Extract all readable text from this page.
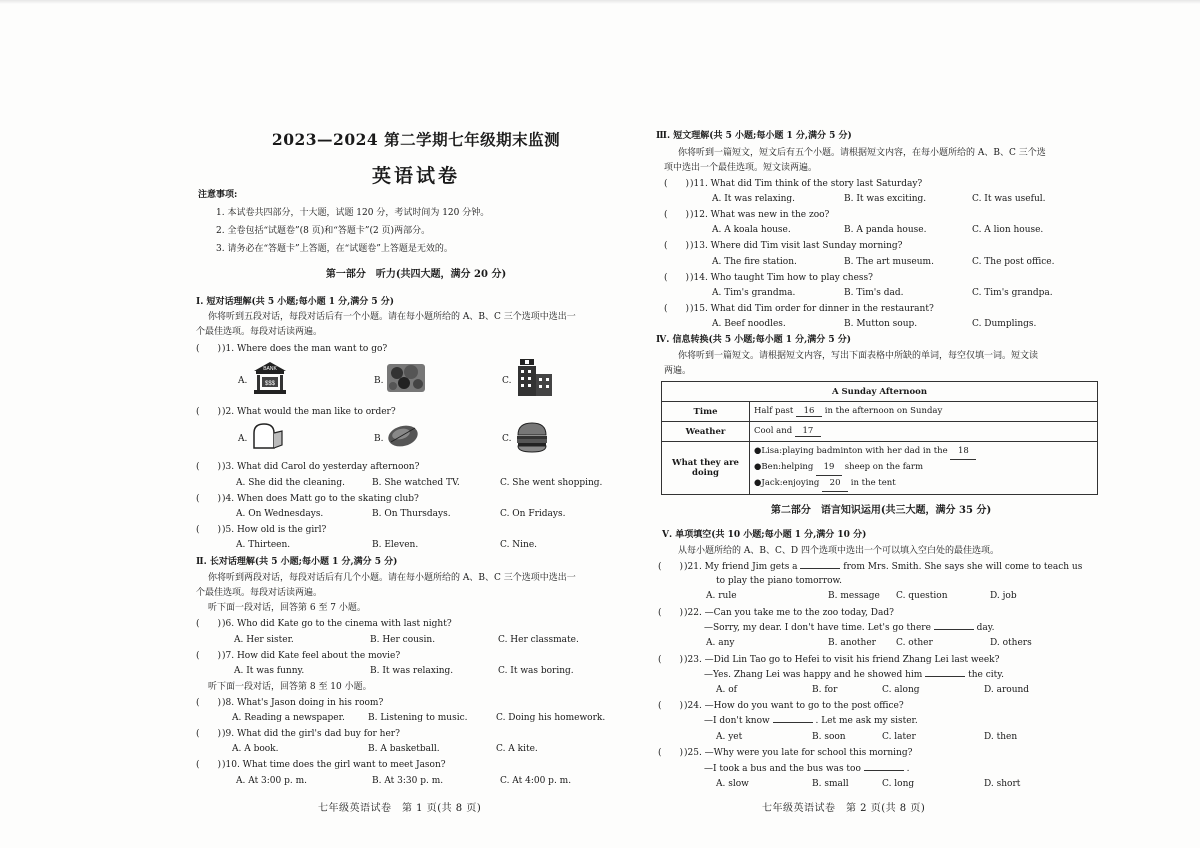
2023—2024 第二学期七年级期末监测
英语试卷
注意事项:
1. 本试卷共四部分，十大题，试题 120 分，考试时间为 120 分钟。
2. 全卷包括“试题卷”(8 页)和“答题卡”(2 页)两部分。
3. 请务必在“答题卡”上答题，在“试题卷”上答题是无效的。
第一部分　听力(共四大题，满分 20 分)
Ⅰ. 短对话理解(共 5 小题;每小题 1 分,满分 5 分)
你将听到五段对话，每段对话后有一个小题。请在每小题所给的 A、B、C 三个选项中选出一
个最佳选项。每段对话读两遍。
(　　) )1. Where does the man want to go?
A.
BANK
$$$	B.	C.
(　　) )2. What would the man like to order?
A.	B.	C.
(　　) )3. What did Carol do yesterday afternoon?
A. She did the cleaning.	B. She watched TV.	C. She went shopping.
(　　) )4. When does Matt go to the skating club?
A. On Wednesdays.	B. On Thursdays.	C. On Fridays.
(　　) )5. How old is the girl?
A. Thirteen.	B. Eleven.	C. Nine.
Ⅱ. 长对话理解(共 5 小题;每小题 1 分,满分 5 分)
你将听到两段对话，每段对话后有几个小题。请在每小题所给的 A、B、C 三个选项中选出一
个最佳选项。每段对话读两遍。
听下面一段对话，回答第 6 至 7 小题。
(　　) )6. Who did Kate go to the cinema with last night?
A. Her sister.	B. Her cousin.	C. Her classmate.
(　　) )7. How did Kate feel about the movie?
A. It was funny.	B. It was relaxing.	C. It was boring.
听下面一段对话，回答第 8 至 10 小题。
(　　) )8. What's Jason doing in his room?
A. Reading a newspaper.	B. Listening to music.	C. Doing his homework.
(　　) )9. What did the girl's dad buy for her?
A. A book.	B. A basketball.	C. A kite.
(　　) )10. What time does the girl want to meet Jason?
A. At 3:00 p. m.	B. At 3:30 p. m.	C. At 4:00 p. m.
七年级英语试卷　第 1 页(共 8 页)
Ⅲ. 短文理解(共 5 小题;每小题 1 分,满分 5 分)
你将听到一篇短文，短文后有五个小题。请根据短文内容，在每小题所给的 A、B、C 三个选
项中选出一个最佳选项。短文读两遍。
(　　) )11. What did Tim think of the story last Saturday?
A. It was relaxing.	B. It was exciting.	C. It was useful.
(　　) )12. What was new in the zoo?
A. A koala house.	B. A panda house.	C. A lion house.
(　　) )13. Where did Tim visit last Sunday morning?
A. The fire station.	B. The art museum.	C. The post office.
(　　) )14. Who taught Tim how to play chess?
A. Tim's grandma.	B. Tim's dad.	C. Tim's grandpa.
(　　) )15. What did Tim order for dinner in the restaurant?
A. Beef noodles.	B. Mutton soup.	C. Dumplings.
Ⅳ. 信息转换(共 5 小题;每小题 1 分,满分 5 分)
你将听到一篇短文。请根据短文内容，写出下面表格中所缺的单词，每空仅填一词。短文读
两遍。
A Sunday Afternoon	
Time	Half past 16 in the afternoon on Sunday
Weather	Cool and 17
What they are doing	●Lisa:playing badminton with her dad in the 18
●Ben:helping 19 sheep on the farm
●Jack:enjoying 20 in the tent
第二部分　语言知识运用(共三大题，满分 35 分)
Ⅴ. 单项填空(共 10 小题;每小题 1 分,满分 10 分)
从每小题所给的 A、B、C、D 四个选项中选出一个可以填入空白处的最佳选项。
(　　) )21. My friend Jim gets a	from Mrs. Smith. She says she will come to teach us
to play the piano tomorrow.
A. rule	B. message C. question	D. job
(　　) )22. —Can you take me to the zoo today, Dad?
—Sorry, my dear. I don't have time. Let's go there	day.
A. any	B. another C. other	D. others
(　　) )23. —Did Lin Tao go to Hefei to visit his friend Zhang Lei last week?
—Yes. Zhang Lei was happy and he showed him	the city.
A. of	B. for	C. along	D. around
(　　) )24. —How do you want to go to the post office?
—I don't know	. Let me ask my sister.
A. yet	B. soon	C. later	D. then
(　　) )25. —Why were you late for school this morning?
—I took a bus and the bus was too	.
A. slow	B. small	C. long	D. short
七年级英语试卷　第 2 页(共 8 页)
